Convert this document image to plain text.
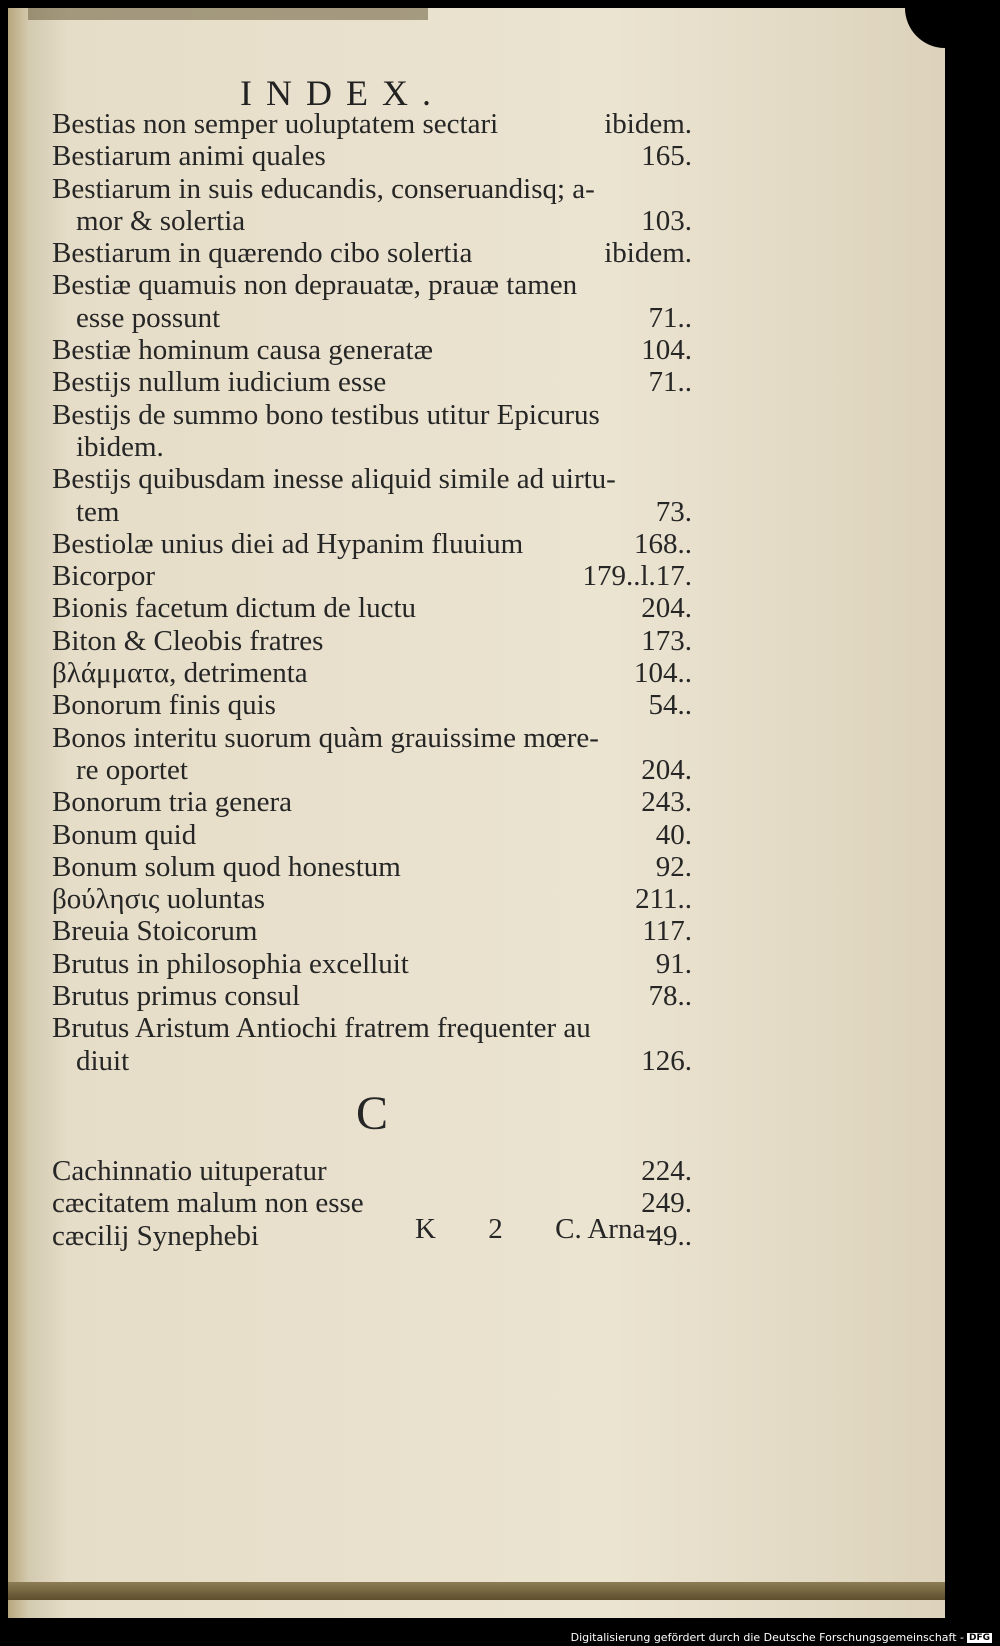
INDEX.
Bestias non semper uoluptatem sectari	ibidem.
Bestiarum animi quales	165.
Bestiarum in suis educandis, conseruandisq; a-
mor & solertia	103.
Bestiarum in quærendo cibo solertia	ibidem.
Bestiæ quamuis non deprauatæ, prauæ tamen
esse possunt	71..
Bestiæ hominum causa generatæ	104.
Bestijs nullum iudicium esse	71..
Bestijs de summo bono testibus utitur Epicurus
ibidem.
Bestijs quibusdam inesse aliquid simile ad uirtu-
tem	73.
Bestiolæ unius diei ad Hypanim fluuium	168..
Bicorpor	179..l.17.
Bionis facetum dictum de luctu	204.
Biton & Cleobis fratres	173.
βλάμματα, detrimenta	104..
Bonorum finis quis	54..
Bonos interitu suorum quàm grauissime mœre-
re oportet	204.
Bonorum tria genera	243.
Bonum quid	40.
Bonum solum quod honestum	92.
βούλησις uoluntas	211..
Breuia Stoicorum	117.
Brutus in philosophia excelluit	91.
Brutus primus consul	78..
Brutus Aristum Antiochi fratrem frequenter au
diuit	126.
C
Cachinnatio uituperatur	224.
cæcitatem malum non esse	249.
cæcilij Synephebi	49..
K 2 C. Arna-
Digitalisierung gefördert durch die Deutsche Forschungsgemeinschaft - DFG
